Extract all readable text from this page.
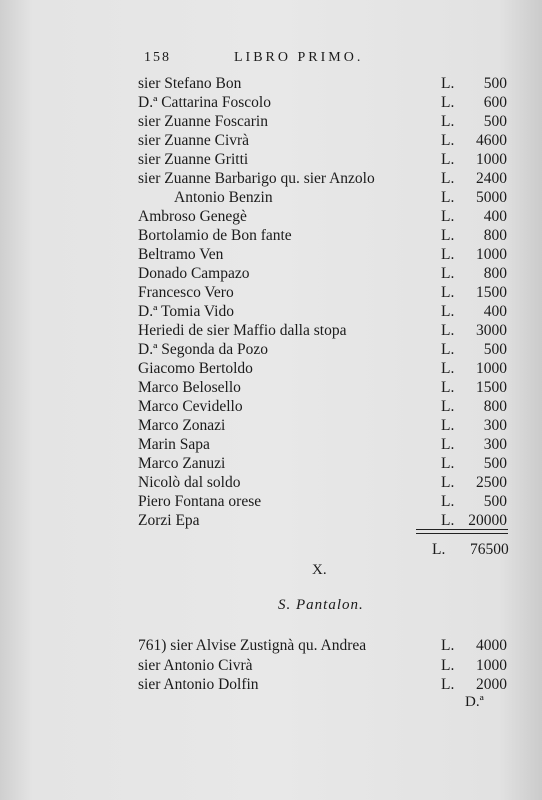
158	LIBRO PRIMO.
sier Stefano Bon	L. 500
D.ª Cattarina Foscolo	L. 600
sier Zuanne Foscarin	L. 500
sier Zuanne Civrà	L. 4600
sier Zuanne Gritti	L. 1000
sier Zuanne Barbarigo qu. sier Anzolo	L. 2400
Antonio Benzin	L. 5000
Ambroso Genegè	L. 400
Bortolamio de Bon fante	L. 800
Beltramo Ven	L. 1000
Donado Campazo	L. 800
Francesco Vero	L. 1500
D.ª Tomia Vido	L. 400
Heriedi de sier Maffio dalla stopa	L. 3000
D.ª Segonda da Pozo	L. 500
Giacomo Bertoldo	L. 1000
Marco Belosello	L. 1500
Marco Cevidello	L. 800
Marco Zonazi	L. 300
Marin Sapa	L. 300
Marco Zanuzi	L. 500
Nicolò dal soldo	L. 2500
Piero Fontana orese	L. 500
Zorzi Epa	L. 20000
L. 76500
X.
S. Pantalon.
761) sier Alvise Zustignà qu. Andrea	L. 4000
sier Antonio Civrà	L. 1000
sier Antonio Dolfin	L. 2000
D.ª
